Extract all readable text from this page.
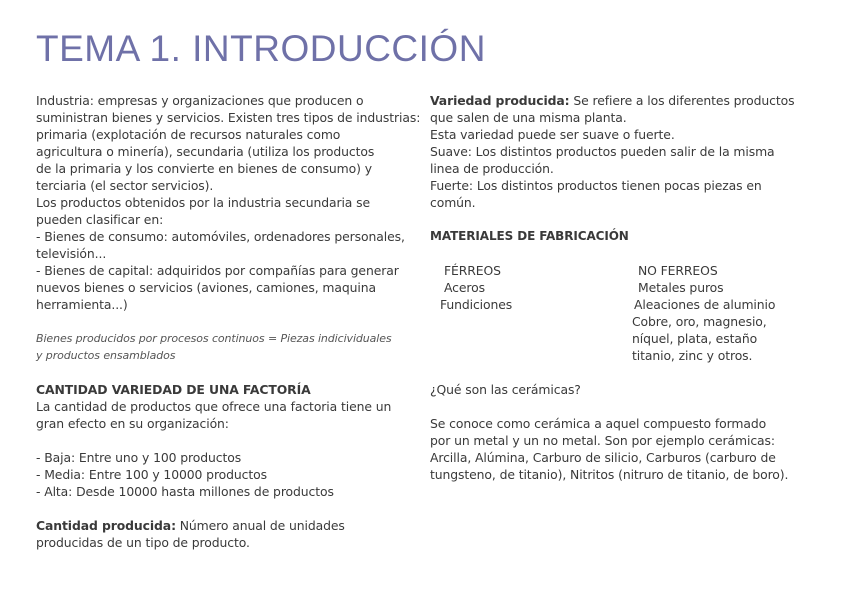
TEMA 1. INTRODUCCIÓN
Industria: empresas y organizaciones que producen o
suministran bienes y servicios. Existen tres tipos de industrias:
primaria (explotación de recursos naturales como
agricultura o minería), secundaria (utiliza los productos
de la primaria y los convierte en bienes de consumo) y
terciaria (el sector servicios).
Los productos obtenidos por la industria secundaria se
pueden clasificar en:
- Bienes de consumo: automóviles, ordenadores personales,
televisión...
- Bienes de capital: adquiridos por compañías para generar
nuevos bienes o servicios (aviones, camiones, maquina
herramienta...)
Bienes producidos por procesos continuos = Piezas indicividuales
y productos ensamblados
CANTIDAD VARIEDAD DE UNA FACTORÍA
La cantidad de productos que ofrece una factoria tiene un
gran efecto en su organización:
- Baja: Entre uno y 100 productos
- Media: Entre 100 y 10000 productos
- Alta: Desde 10000 hasta millones de productos
Cantidad producida: Número anual de unidades
producidas de un tipo de producto.
Variedad producida: Se refiere a los diferentes productos
que salen de una misma planta.
Esta variedad puede ser suave o fuerte.
Suave: Los distintos productos pueden salir de la misma
linea de producción.
Fuerte: Los distintos productos tienen pocas piezas en
común.
MATERIALES DE FABRICACIÓN
FÉRREOS
Aceros
Fundiciones
NO FERREOS
Metales puros
Aleaciones de aluminio
Cobre, oro, magnesio,
níquel, plata, estaño
titanio, zinc y otros.
¿Qué son las cerámicas?
Se conoce como cerámica a aquel compuesto formado
por un metal y un no metal. Son por ejemplo cerámicas:
Arcilla, Alúmina, Carburo de silicio, Carburos (carburo de
tungsteno, de titanio), Nitritos (nitruro de titanio, de boro).
